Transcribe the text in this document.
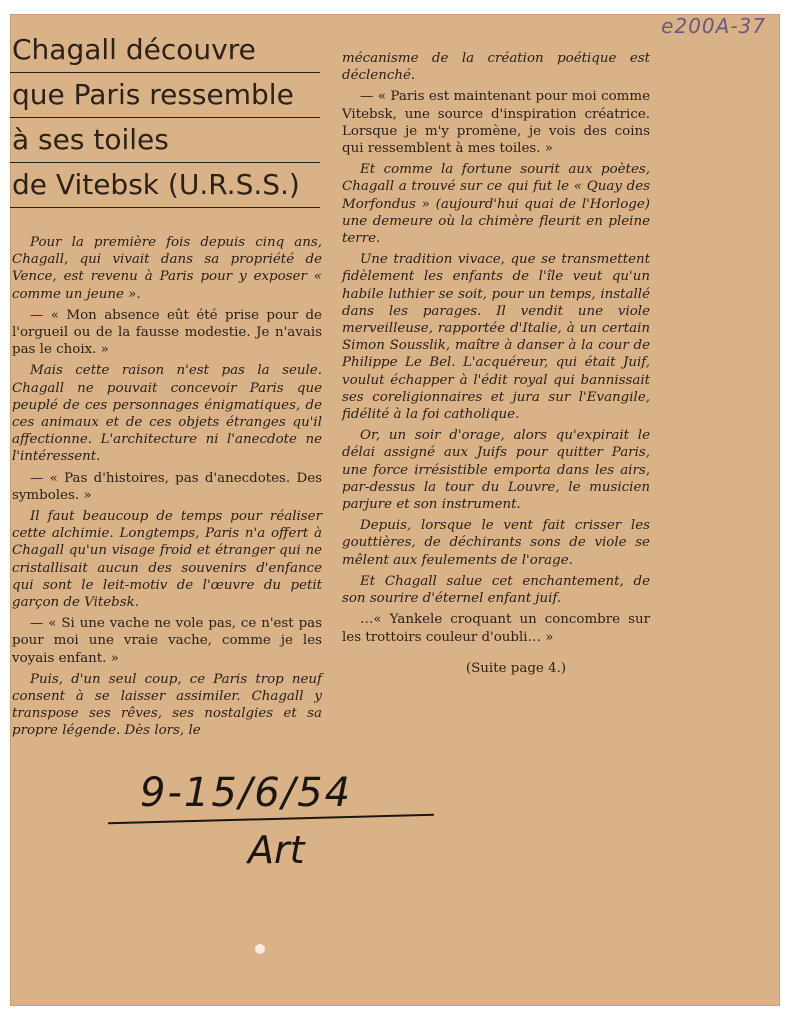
e200A-37
Chagall découvre
que Paris ressemble
à ses toiles
de Vitebsk (U.R.S.S.)

Pour la première fois depuis cinq ans, Chagall, qui vivait dans sa propriété de Vence, est revenu à Paris pour y exposer « comme un jeune ».

— « Mon absence eût été prise pour de l'orgueil ou de la fausse modestie. Je n'avais pas le choix. »

Mais cette raison n'est pas la seule. Chagall ne pouvait concevoir Paris que peuplé de ces personnages énigmatiques, de ces animaux et de ces objets étranges qu'il affectionne. L'architecture ni l'anecdote ne l'intéressent.

— « Pas d'histoires, pas d'anecdotes. Des symboles. »

Il faut beaucoup de temps pour réaliser cette alchimie. Longtemps, Paris n'a offert à Chagall qu'un visage froid et étranger qui ne cristallisait aucun des souvenirs d'enfance qui sont le leit-motiv de l'œuvre du petit garçon de Vitebsk.

— « Si une vache ne vole pas, ce n'est pas pour moi une vraie vache, comme je les voyais enfant. »

Puis, d'un seul coup, ce Paris trop neuf consent à se laisser assimiler. Chagall y transpose ses rêves, ses nostalgies et sa propre légende. Dès lors, le

mécanisme de la création poétique est déclenché.

— « Paris est maintenant pour moi comme Vitebsk, une source d'inspiration créatrice. Lorsque je m'y promène, je vois des coins qui ressemblent à mes toiles. »

Et comme la fortune sourit aux poètes, Chagall a trouvé sur ce qui fut le « Quay des Morfondus » (aujourd'hui quai de l'Horloge) une demeure où la chimère fleurit en pleine terre.

Une tradition vivace, que se transmettent fidèlement les enfants de l'île veut qu'un habile luthier se soit, pour un temps, installé dans les parages. Il vendit une viole merveilleuse, rapportée d'Italie, à un certain Simon Sousslik, maître à danser à la cour de Philippe Le Bel. L'acquéreur, qui était Juif, voulut échapper à l'édit royal qui bannissait ses coreligionnaires et jura sur l'Evangile, fidélité à la foi catholique.

Or, un soir d'orage, alors qu'expirait le délai assigné aux Juifs pour quitter Paris, une force irrésistible emporta dans les airs, par-dessus la tour du Louvre, le musicien parjure et son instrument.

Depuis, lorsque le vent fait crisser les gouttières, de déchirants sons de viole se mêlent aux feulements de l'orage.

Et Chagall salue cet enchantement, de son sourire d'éternel enfant juif.

…« Yankele croquant un concombre sur les trottoirs couleur d'oubli… »

(Suite page 4.)
9-15/6/54
Art
